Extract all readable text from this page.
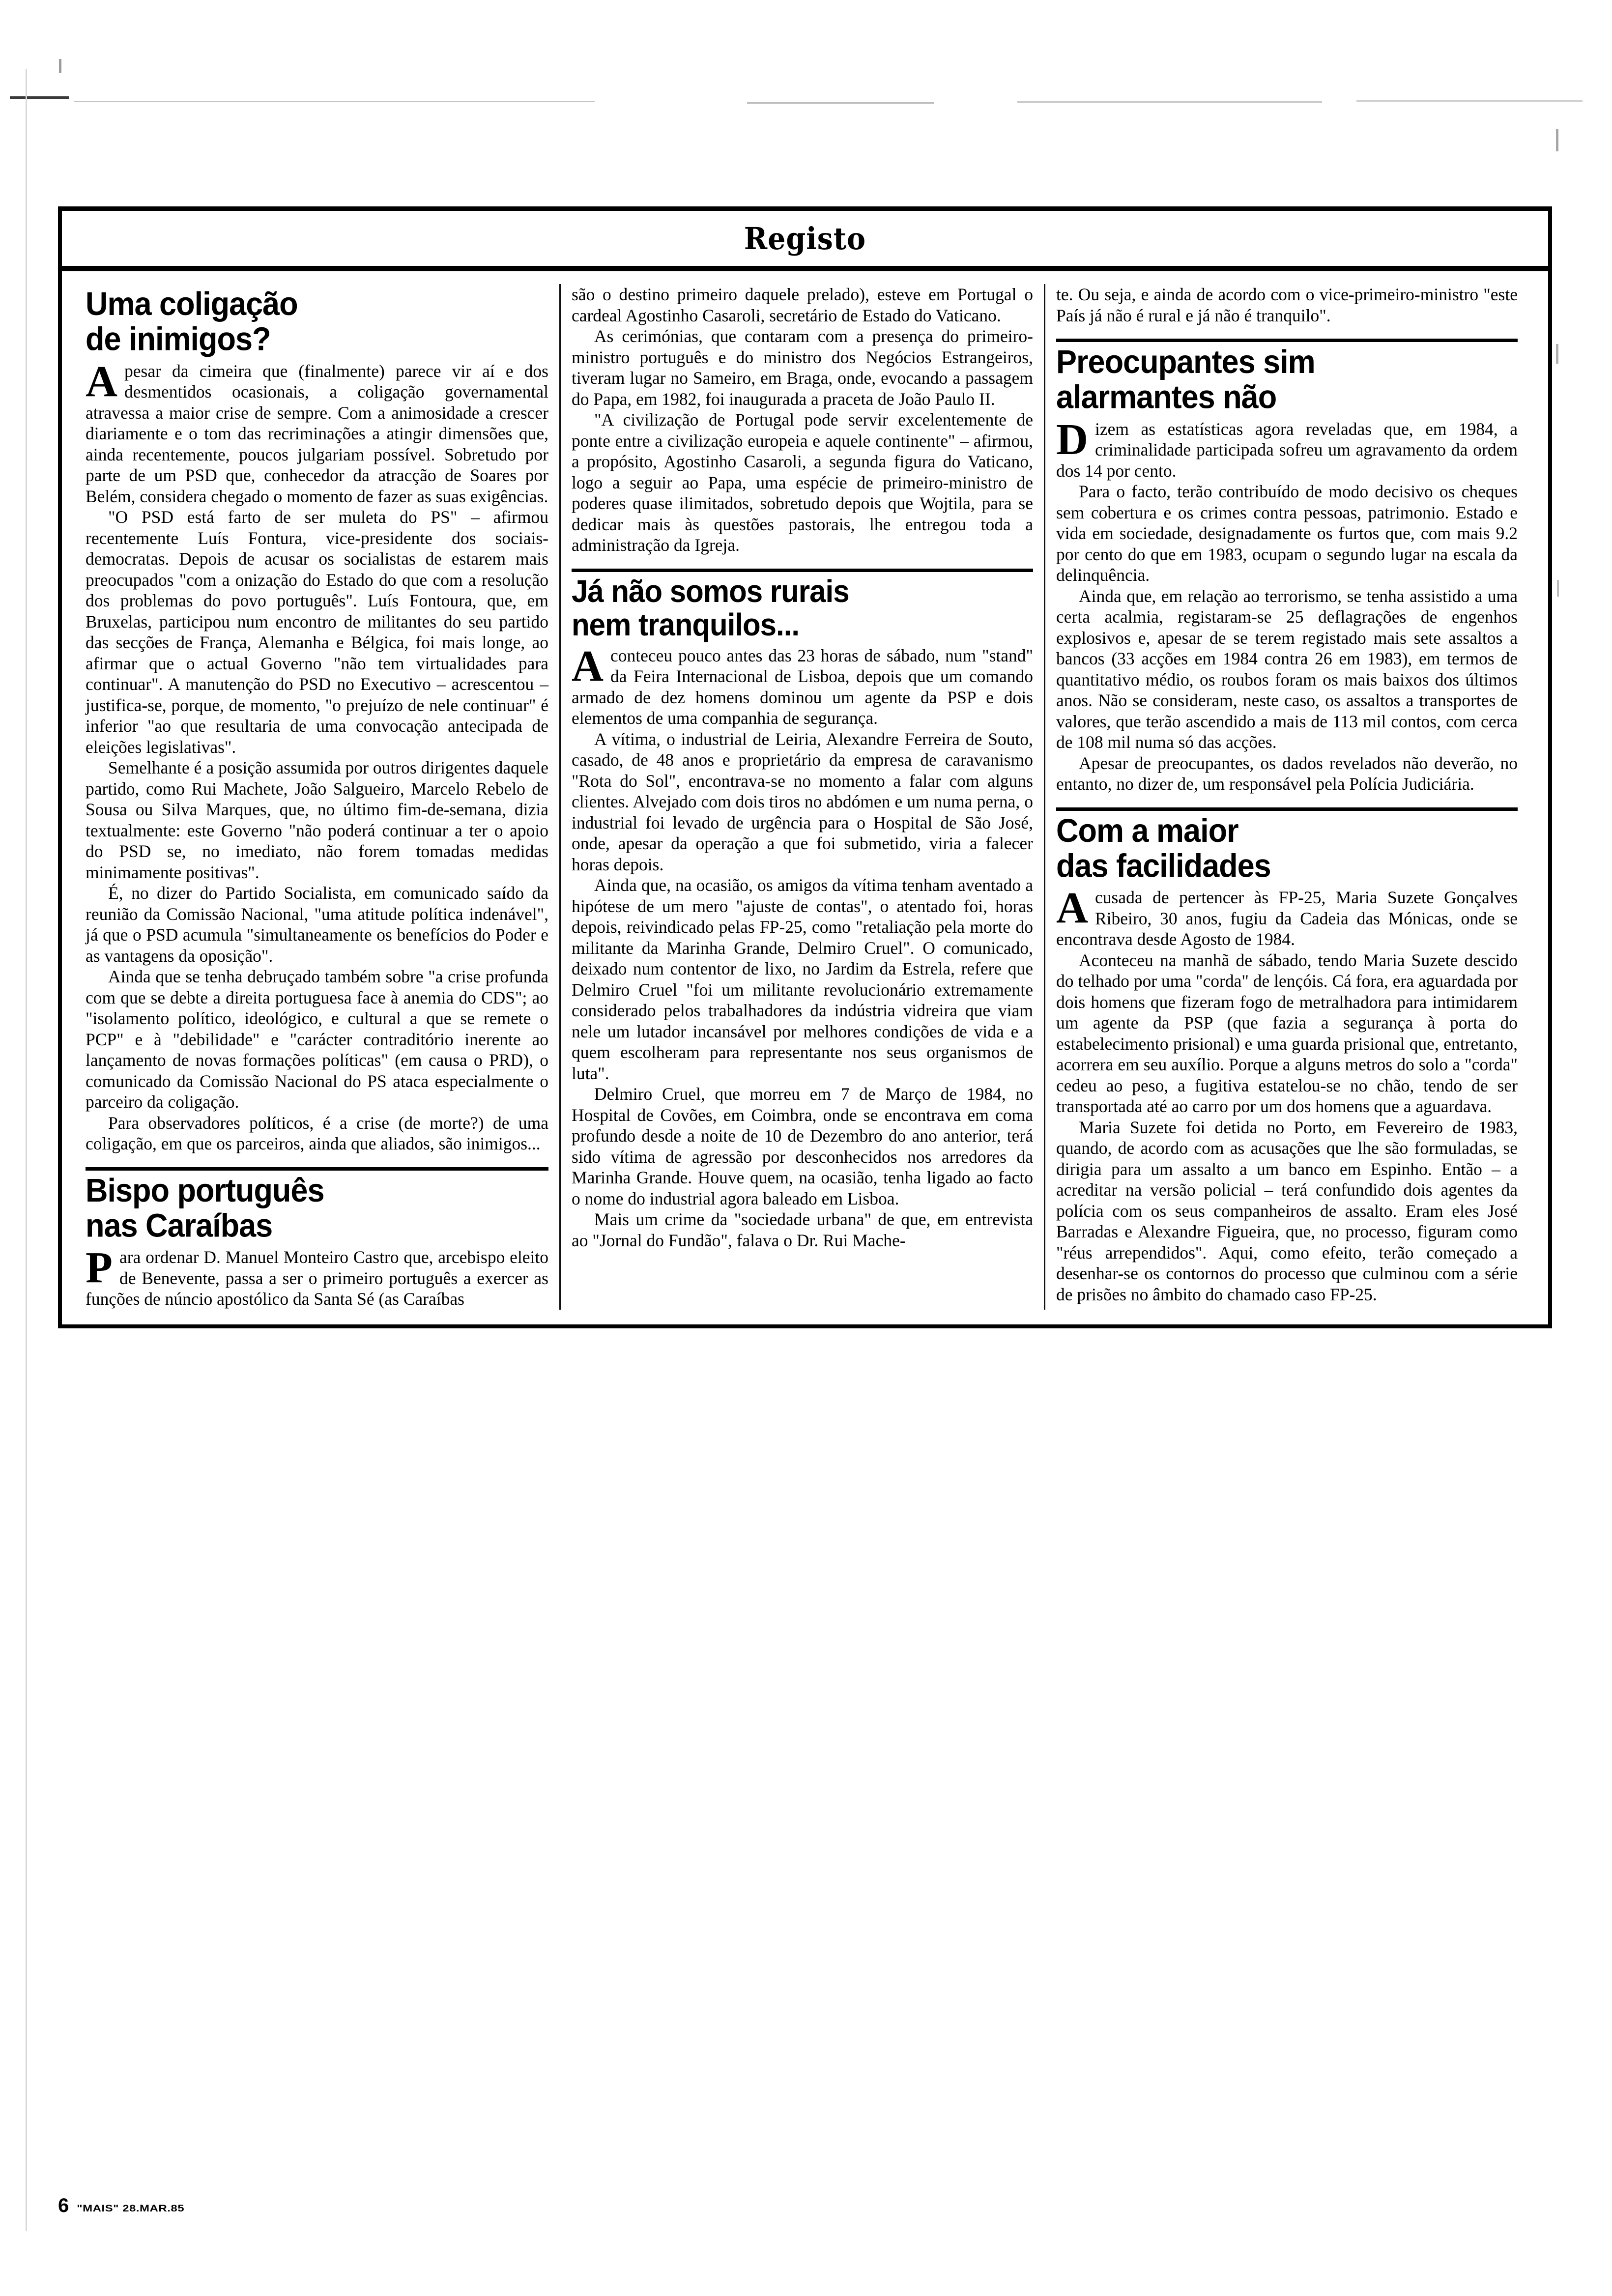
Registo
Uma coligação
de inimigos?
A pesar da cimeira que (finalmente) parece vir aí e dos desmentidos ocasionais, a coligação governamental atravessa a maior crise de sempre. Com a animosidade a crescer diariamente e o tom das recriminações a atingir dimensões que, ainda recentemente, poucos julgariam possível. Sobretudo por parte de um PSD que, conhecedor da atracção de Soares por Belém, considera chegado o momento de fazer as suas exigências.

"O PSD está farto de ser muleta do PS" – afirmou recentemente Luís Fontura, vice-presidente dos sociais-democratas. Depois de acusar os socialistas de estarem mais preocupados "com a onização do Estado do que com a resolução dos problemas do povo português". Luís Fontoura, que, em Bruxelas, participou num encontro de militantes do seu partido das secções de França, Alemanha e Bélgica, foi mais longe, ao afirmar que o actual Governo "não tem virtualidades para continuar". A manutenção do PSD no Executivo – acrescentou – justifica-se, porque, de momento, "o prejuízo de nele continuar" é inferior "ao que resultaria de uma convocação antecipada de eleições legislativas".

Semelhante é a posição assumida por outros dirigentes daquele partido, como Rui Machete, João Salgueiro, Marcelo Rebelo de Sousa ou Silva Marques, que, no último fim-de-semana, dizia textualmente: este Governo "não poderá continuar a ter o apoio do PSD se, no imediato, não forem tomadas medidas minimamente positivas".

É, no dizer do Partido Socialista, em comunicado saído da reunião da Comissão Nacional, "uma atitude política indenável", já que o PSD acumula "simultaneamente os benefícios do Poder e as vantagens da oposição".

Ainda que se tenha debruçado também sobre "a crise profunda com que se debte a direita portuguesa face à anemia do CDS"; ao "isolamento político, ideológico, e cultural a que se remete o PCP" e à "debilidade" e "carácter contraditório inerente ao lançamento de novas formações políticas" (em causa o PRD), o comunicado da Comissão Nacional do PS ataca especialmente o parceiro da coligação.

Para observadores políticos, é a crise (de morte?) de uma coligação, em que os parceiros, ainda que aliados, são inimigos...

Bispo português
nas Caraíbas
P ara ordenar D. Manuel Monteiro Castro que, arcebispo eleito de Benevente, passa a ser o primeiro português a exercer as funções de núncio apostólico da Santa Sé (as Caraíbas

são o destino primeiro daquele prelado), esteve em Portugal o cardeal Agostinho Casaroli, secretário de Estado do Vaticano.

As cerimónias, que contaram com a presença do primeiro-ministro português e do ministro dos Negócios Estrangeiros, tiveram lugar no Sameiro, em Braga, onde, evocando a passagem do Papa, em 1982, foi inaugurada a praceta de João Paulo II.

"A civilização de Portugal pode servir excelentemente de ponte entre a civilização europeia e aquele continente" – afirmou, a propósito, Agostinho Casaroli, a segunda figura do Vaticano, logo a seguir ao Papa, uma espécie de primeiro-ministro de poderes quase ilimitados, sobretudo depois que Wojtila, para se dedicar mais às questões pastorais, lhe entregou toda a administração da Igreja.

Já não somos rurais
nem tranquilos...
A conteceu pouco antes das 23 horas de sábado, num "stand" da Feira Internacional de Lisboa, depois que um comando armado de dez homens dominou um agente da PSP e dois elementos de uma companhia de segurança.

A vítima, o industrial de Leiria, Alexandre Ferreira de Souto, casado, de 48 anos e proprietário da empresa de caravanismo "Rota do Sol", encontrava-se no momento a falar com alguns clientes. Alvejado com dois tiros no abdómen e um numa perna, o industrial foi levado de urgência para o Hospital de São José, onde, apesar da operação a que foi submetido, viria a falecer horas depois.

Ainda que, na ocasião, os amigos da vítima tenham aventado a hipótese de um mero "ajuste de contas", o atentado foi, horas depois, reivindicado pelas FP-25, como "retaliação pela morte do militante da Marinha Grande, Delmiro Cruel". O comunicado, deixado num contentor de lixo, no Jardim da Estrela, refere que Delmiro Cruel "foi um militante revolucionário extremamente considerado pelos trabalhadores da indústria vidreira que viam nele um lutador incansável por melhores condições de vida e a quem escolheram para representante nos seus organismos de luta".

Delmiro Cruel, que morreu em 7 de Março de 1984, no Hospital de Covões, em Coimbra, onde se encontrava em coma profundo desde a noite de 10 de Dezembro do ano anterior, terá sido vítima de agressão por desconhecidos nos arredores da Marinha Grande. Houve quem, na ocasião, tenha ligado ao facto o nome do industrial agora baleado em Lisboa.

Mais um crime da "sociedade urbana" de que, em entrevista ao "Jornal do Fundão", falava o Dr. Rui Mache-

te. Ou seja, e ainda de acordo com o vice-primeiro-ministro "este País já não é rural e já não é tranquilo".

Preocupantes sim
alarmantes não
D izem as estatísticas agora reveladas que, em 1984, a criminalidade participada sofreu um agravamento da ordem dos 14 por cento.

Para o facto, terão contribuído de modo decisivo os cheques sem cobertura e os crimes contra pessoas, patrimonio. Estado e vida em sociedade, designadamente os furtos que, com mais 9.2 por cento do que em 1983, ocupam o segundo lugar na escala da delinquência.

Ainda que, em relação ao terrorismo, se tenha assistido a uma certa acalmia, registaram-se 25 deflagrações de engenhos explosivos e, apesar de se terem registado mais sete assaltos a bancos (33 acções em 1984 contra 26 em 1983), em termos de quantitativo médio, os roubos foram os mais baixos dos últimos anos. Não se consideram, neste caso, os assaltos a transportes de valores, que terão ascendido a mais de 113 mil contos, com cerca de 108 mil numa só das acções.

Apesar de preocupantes, os dados revelados não deverão, no entanto, no dizer de, um responsável pela Polícia Judiciária.

Com a maior
das facilidades
A cusada de pertencer às FP-25, Maria Suzete Gonçalves Ribeiro, 30 anos, fugiu da Cadeia das Mónicas, onde se encontrava desde Agosto de 1984.

Aconteceu na manhã de sábado, tendo Maria Suzete descido do telhado por uma "corda" de lençóis. Cá fora, era aguardada por dois homens que fizeram fogo de metralhadora para intimidarem um agente da PSP (que fazia a segurança à porta do estabelecimento prisional) e uma guarda prisional que, entretanto, acorrera em seu auxílio. Porque a alguns metros do solo a "corda" cedeu ao peso, a fugitiva estatelou-se no chão, tendo de ser transportada até ao carro por um dos homens que a aguardava.

Maria Suzete foi detida no Porto, em Fevereiro de 1983, quando, de acordo com as acusações que lhe são formuladas, se dirigia para um assalto a um banco em Espinho. Então – a acreditar na versão policial – terá confundido dois agentes da polícia com os seus companheiros de assalto. Eram eles José Barradas e Alexandre Figueira, que, no processo, figuram como "réus arrependidos". Aqui, como efeito, terão começado a desenhar-se os contornos do processo que culminou com a série de prisões no âmbito do chamado caso FP-25.

6 "MAIS" 28.MAR.85
